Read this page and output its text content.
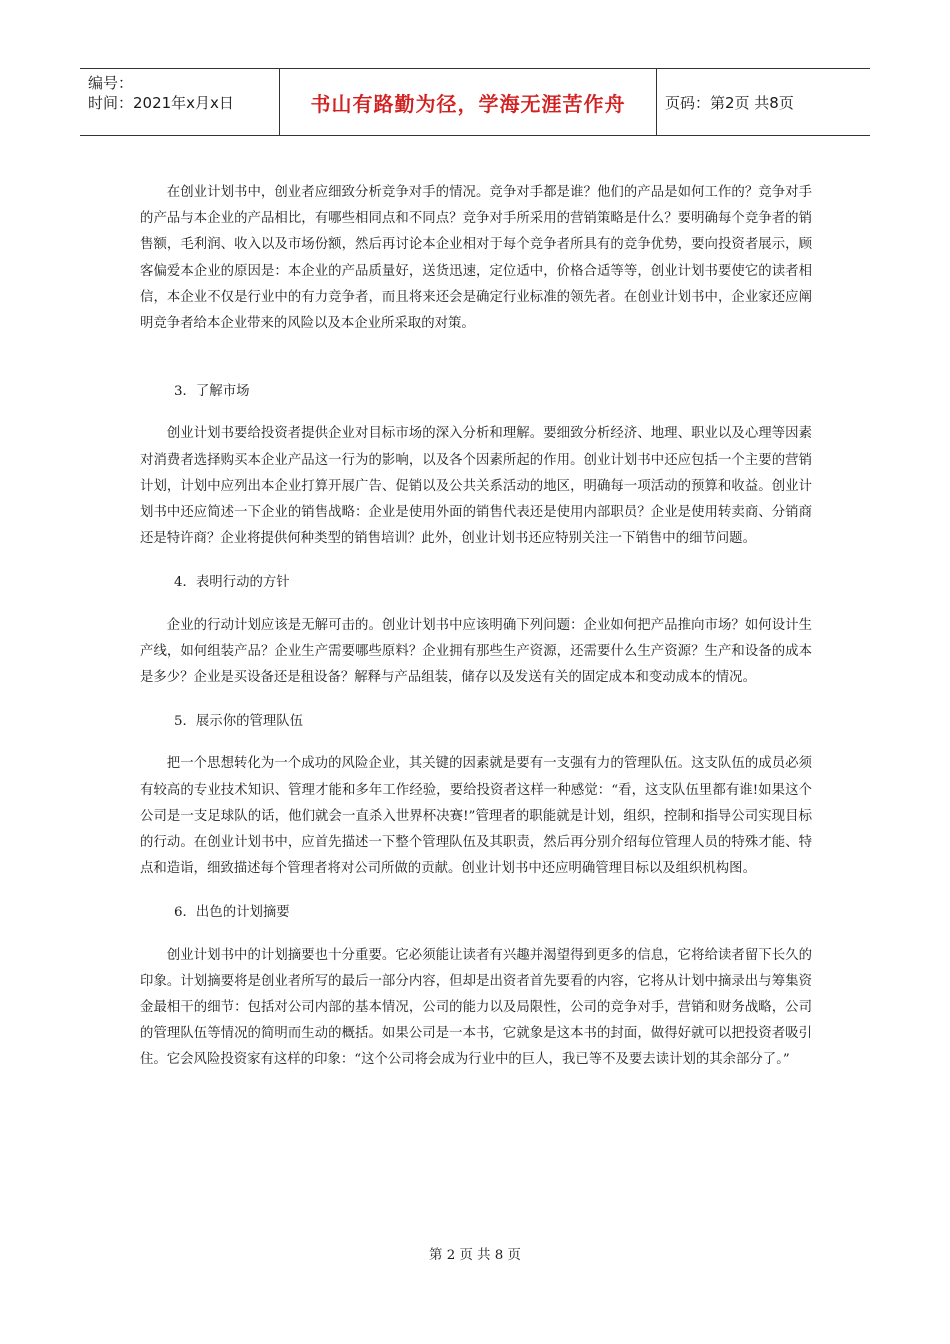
编号：
时间：2021年x月x日	书山有路勤为径，学海无涯苦作舟	页码：第2页 共8页

在创业计划书中，创业者应细致分析竞争对手的情况。竞争对手都是谁？他们的产品是如何工作的？竞争对手的产品与本企业的产品相比，有哪些相同点和不同点？竞争对手所采用的营销策略是什么？要明确每个竞争者的销售额，毛利润、收入以及市场份额，然后再讨论本企业相对于每个竞争者所具有的竞争优势，要向投资者展示，顾客偏爱本企业的原因是：本企业的产品质量好，送货迅速，定位适中，价格合适等等，创业计划书要使它的读者相信，本企业不仅是行业中的有力竞争者，而且将来还会是确定行业标准的领先者。在创业计划书中，企业家还应阐明竞争者给本企业带来的风险以及本企业所采取的对策。

3．了解市场

创业计划书要给投资者提供企业对目标市场的深入分析和理解。要细致分析经济、地理、职业以及心理等因素对消费者选择购买本企业产品这一行为的影响，以及各个因素所起的作用。创业计划书中还应包括一个主要的营销计划，计划中应列出本企业打算开展广告、促销以及公共关系活动的地区，明确每一项活动的预算和收益。创业计划书中还应简述一下企业的销售战略：企业是使用外面的销售代表还是使用内部职员？企业是使用转卖商、分销商还是特许商？企业将提供何种类型的销售培训？此外，创业计划书还应特别关注一下销售中的细节问题。

4．表明行动的方针

企业的行动计划应该是无解可击的。创业计划书中应该明确下列问题：企业如何把产品推向市场？如何设计生产线，如何组装产品？企业生产需要哪些原料？企业拥有那些生产资源，还需要什么生产资源？生产和设备的成本是多少？企业是买设备还是租设备？解释与产品组装，储存以及发送有关的固定成本和变动成本的情况。

5．展示你的管理队伍

把一个思想转化为一个成功的风险企业，其关键的因素就是要有一支强有力的管理队伍。这支队伍的成员必须有较高的专业技术知识、管理才能和多年工作经验，要给投资者这样一种感觉：“看，这支队伍里都有谁!如果这个公司是一支足球队的话，他们就会一直杀入世界杯决赛!”管理者的职能就是计划，组织，控制和指导公司实现目标的行动。在创业计划书中，应首先描述一下整个管理队伍及其职责，然后再分别介绍每位管理人员的特殊才能、特点和造诣，细致描述每个管理者将对公司所做的贡献。创业计划书中还应明确管理目标以及组织机构图。

6．出色的计划摘要

创业计划书中的计划摘要也十分重要。它必须能让读者有兴趣并渴望得到更多的信息，它将给读者留下长久的印象。计划摘要将是创业者所写的最后一部分内容，但却是出资者首先要看的内容，它将从计划中摘录出与筹集资金最相干的细节：包括对公司内部的基本情况，公司的能力以及局限性，公司的竞争对手，营销和财务战略，公司的管理队伍等情况的简明而生动的概括。如果公司是一本书，它就象是这本书的封面，做得好就可以把投资者吸引住。它会风险投资家有这样的印象：“这个公司将会成为行业中的巨人，我已等不及要去读计划的其余部分了。”

第 2 页 共 8 页
